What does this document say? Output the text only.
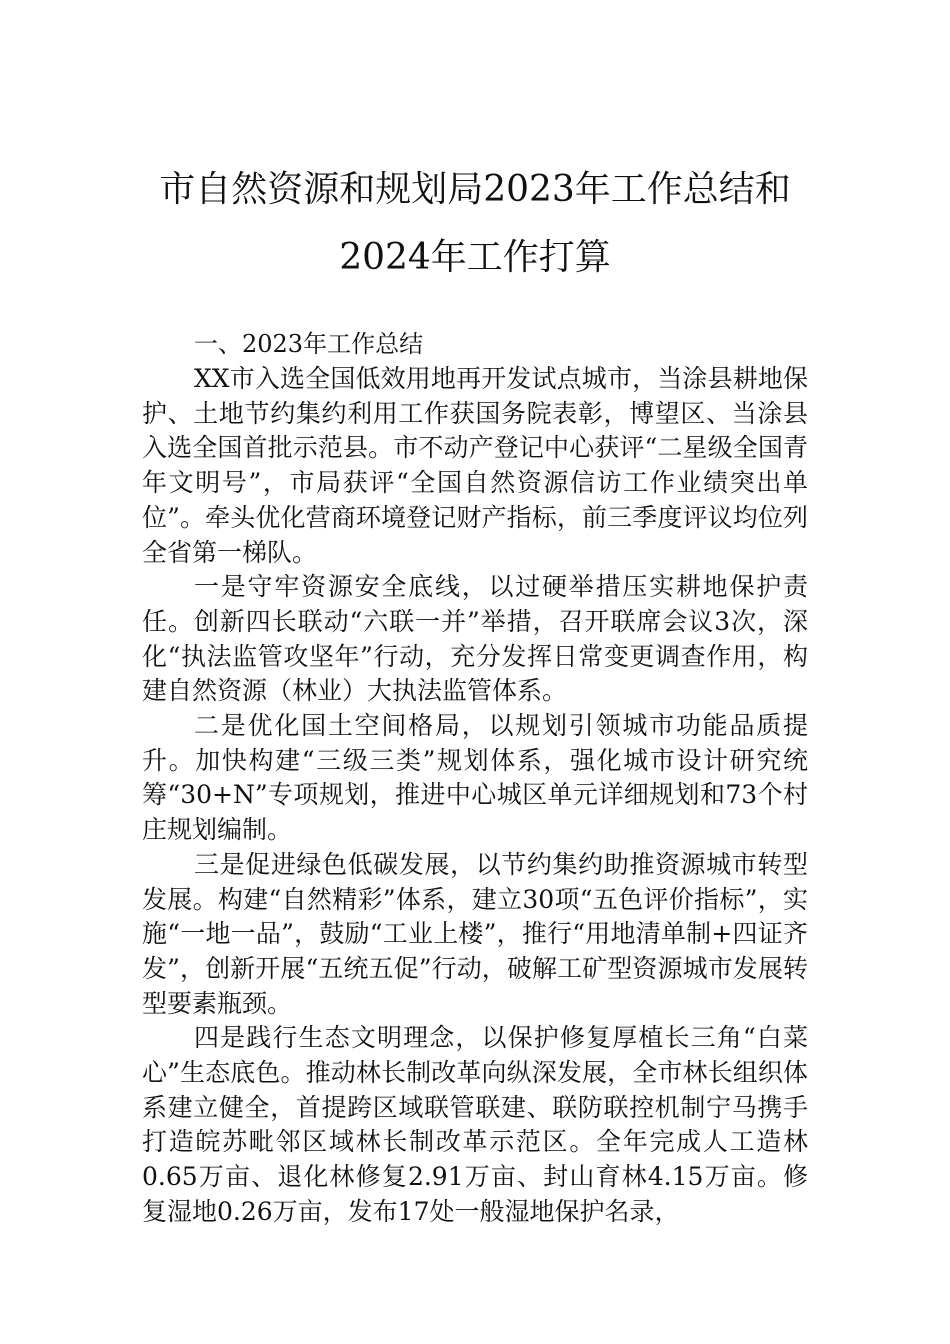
市自然资源和规划局2023年工作总结和
2024年工作打算
一、2023年工作总结

XX市入选全国低效用地再开发试点城市，当涂县耕地保护、土地节约集约利用工作获国务院表彰，博望区、当涂县入选全国首批示范县。市不动产登记中心获评“二星级全国青年文明号”，市局获评“全国自然资源信访工作业绩突出单位”。牵头优化营商环境登记财产指标，前三季度评议均位列全省第一梯队。

一是守牢资源安全底线，以过硬举措压实耕地保护责任。创新四长联动“六联一并”举措，召开联席会议3次，深化“执法监管攻坚年”行动，充分发挥日常变更调查作用，构建自然资源（林业）大执法监管体系。

二是优化国土空间格局，以规划引领城市功能品质提升。加快构建“三级三类”规划体系，强化城市设计研究统筹“30+N”专项规划，推进中心城区单元详细规划和73个村庄规划编制。

三是促进绿色低碳发展，以节约集约助推资源城市转型发展。构建“自然精彩”体系，建立30项“五色评价指标”，实施“一地一品”，鼓励“工业上楼”，推行“用地清单制+四证齐发”，创新开展“五统五促”行动，破解工矿型资源城市发展转型要素瓶颈。

四是践行生态文明理念，以保护修复厚植长三角“白菜心”生态底色。推动林长制改革向纵深发展，全市林长组织体系建立健全，首提跨区域联管联建、联防联控机制宁马携手打造皖苏毗邻区域林长制改革示范区。全年完成人工造林0.65万亩、退化林修复2.91万亩、封山育林4.15万亩。修复湿地0.26万亩，发布17处一般湿地保护名录，
